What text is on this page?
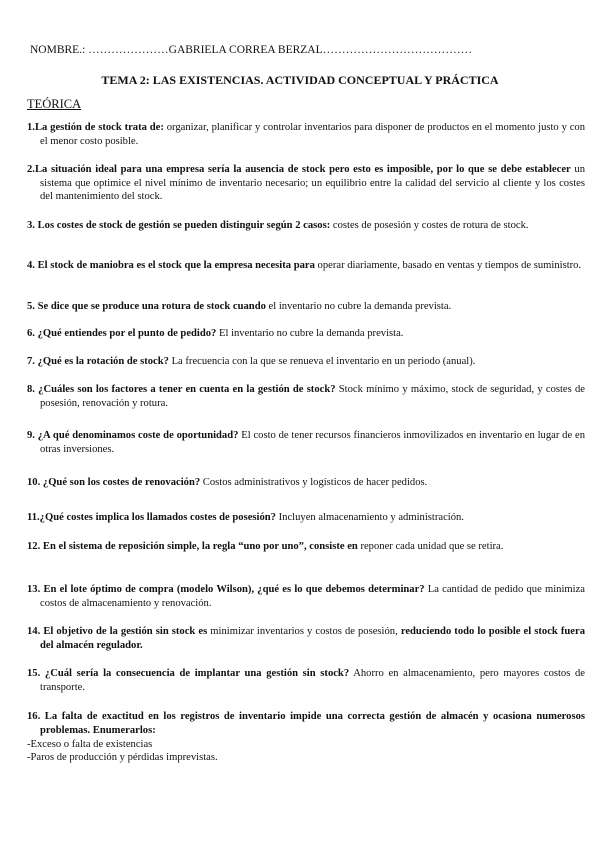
NOMBRE.: …………………GABRIELA CORREA BERZAL…………………………………
TEMA 2: LAS EXISTENCIAS. ACTIVIDAD CONCEPTUAL Y PRÁCTICA
TEÓRICA
1.La gestión de stock trata de: organizar, planificar y controlar inventarios para disponer de productos en el momento justo y con el menor costo posible.
2.La situación ideal para una empresa sería la ausencia de stock pero esto es imposible, por lo que se debe establecer un sistema que optimice el nivel mínimo de inventario necesario; un equilibrio entre la calidad del servicio al cliente y los costes del mantenimiento del stock.
3. Los costes de stock de gestión se pueden distinguir según 2 casos: costes de posesión y costes de rotura de stock.
4. El stock de maniobra es el stock que la empresa necesita para operar diariamente, basado en ventas y tiempos de suministro.
5. Se dice que se produce una rotura de stock cuando el inventario no cubre la demanda prevista.
6. ¿Qué entiendes por el punto de pedido? El inventario no cubre la demanda prevista.
7. ¿Qué es la rotación de stock? La frecuencia con la que se renueva el inventario en un periodo (anual).
8. ¿Cuáles son los factores a tener en cuenta en la gestión de stock? Stock mínimo y máximo, stock de seguridad, y costes de posesión, renovación y rotura.
9. ¿A qué denominamos coste de oportunidad? El costo de tener recursos financieros inmovilizados en inventario en lugar de en otras inversiones.
10. ¿Qué son los costes de renovación? Costos administrativos y logísticos de hacer pedidos.
11.¿Qué costes implica los llamados costes de posesión? Incluyen almacenamiento y administración.
12. En el sistema de reposición simple, la regla “uno por uno”, consiste en reponer cada unidad que se retira.
13. En el lote óptimo de compra (modelo Wilson), ¿qué es lo que debemos determinar? La cantidad de pedido que minimiza costos de almacenamiento y renovación.
14. El objetivo de la gestión sin stock es minimizar inventarios y costos de posesión, reduciendo todo lo posible el stock fuera del almacén regulador.
15. ¿Cuál sería la consecuencia de implantar una gestión sin stock? Ahorro en almacenamiento, pero mayores costos de transporte.
16. La falta de exactitud en los registros de inventario impide una correcta gestión de almacén y ocasiona numerosos problemas. Enumerarlos:
-Exceso o falta de existencias
-Paros de producción y pérdidas imprevistas.
